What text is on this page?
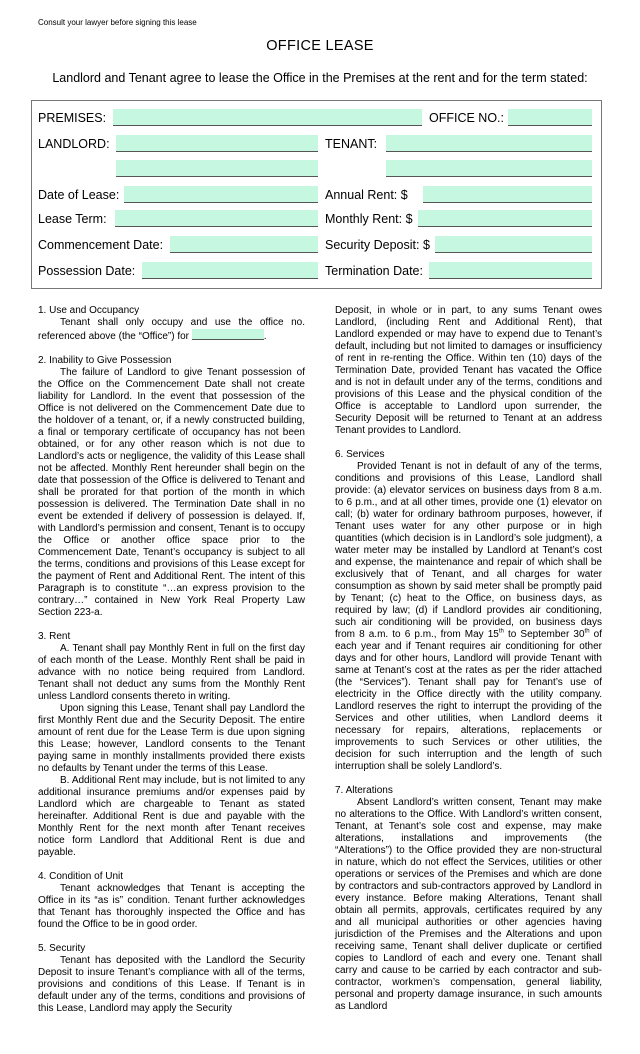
Consult your lawyer before signing this lease
OFFICE LEASE
Landlord and Tenant agree to lease the Office in the Premises at the rent and for the term stated:
PREMISES:	OFFICE NO.:
LANDLORD:	TENANT:
Date of Lease:	Annual Rent: $
Lease Term:	Monthly Rent: $
Commencement Date:	Security Deposit: $
Possession Date:	Termination Date:

1. Use and Occupancy

Tenant shall only occupy and use the office no. referenced above (the “Office”) for	.

2. Inability to Give Possession

The failure of Landlord to give Tenant possession of the Office on the Commencement Date shall not create liability for Landlord. In the event that possession of the Office is not delivered on the Commencement Date due to the holdover of a tenant, or, if a newly constructed building, a final or temporary certificate of occupancy has not been obtained, or for any other reason which is not due to Landlord’s acts or negligence, the validity of this Lease shall not be affected. Monthly Rent hereunder shall begin on the date that possession of the Office is delivered to Tenant and shall be prorated for that portion of the month in which possession is delivered. The Termination Date shall in no event be extended if delivery of possession is delayed. If, with Landlord’s permission and consent, Tenant is to occupy the Office or another office space prior to the Commencement Date, Tenant’s occupancy is subject to all the terms, conditions and provisions of this Lease except for the payment of Rent and Additional Rent. The intent of this Paragraph is to constitute “…an express provision to the contrary…” contained in New York Real Property Law Section 223-a.

3. Rent

A. Tenant shall pay Monthly Rent in full on the first day of each month of the Lease. Monthly Rent shall be paid in advance with no notice being required from Landlord. Tenant shall not deduct any sums from the Monthly Rent unless Landlord consents thereto in writing.

Upon signing this Lease, Tenant shall pay Landlord the first Monthly Rent due and the Security Deposit. The entire amount of rent due for the Lease Term is due upon signing this Lease; however, Landlord consents to the Tenant paying same in monthly installments provided there exists no defaults by Tenant under the terms of this Lease.

B. Additional Rent may include, but is not limited to any additional insurance premiums and/or expenses paid by Landlord which are chargeable to Tenant as stated hereinafter. Additional Rent is due and payable with the Monthly Rent for the next month after Tenant receives notice form Landlord that Additional Rent is due and payable.

4. Condition of Unit

Tenant acknowledges that Tenant is accepting the Office in its “as is” condition. Tenant further acknowledges that Tenant has thoroughly inspected the Office and has found the Office to be in good order.

5. Security

Tenant has deposited with the Landlord the Security Deposit to insure Tenant’s compliance with all of the terms, provisions and conditions of this Lease. If Tenant is in default under any of the terms, conditions and provisions of this Lease, Landlord may apply the Security

Deposit, in whole or in part, to any sums Tenant owes Landlord, (including Rent and Additional Rent), that Landlord expended or may have to expend due to Tenant’s default, including but not limited to damages or insufficiency of rent in re-renting the Office. Within ten (10) days of the Termination Date, provided Tenant has vacated the Office and is not in default under any of the terms, conditions and provisions of this Lease and the physical condition of the Office is acceptable to Landlord upon surrender, the Security Deposit will be returned to Tenant at an address Tenant provides to Landlord.

6. Services

Provided Tenant is not in default of any of the terms, conditions and provisions of this Lease, Landlord shall provide: (a) elevator services on business days from 8 a.m. to 6 p.m., and at all other times, provide one (1) elevator on call; (b) water for ordinary bathroom purposes, however, if Tenant uses water for any other purpose or in high quantities (which decision is in Landlord’s sole judgment), a water meter may be installed by Landlord at Tenant’s cost and expense, the maintenance and repair of which shall be exclusively that of Tenant, and all charges for water consumption as shown by said meter shall be promptly paid by Tenant; (c) heat to the Office, on business days, as required by law; (d) if Landlord provides air conditioning, such air conditioning will be provided, on business days from 8 a.m. to 6 p.m., from May 15th to September 30th of each year and if Tenant requires air conditioning for other days and for other hours, Landlord will provide Tenant with same at Tenant’s cost at the rates as per the rider attached (the “Services”). Tenant shall pay for Tenant’s use of electricity in the Office directly with the utility company. Landlord reserves the right to interrupt the providing of the Services and other utilities, when Landlord deems it necessary for repairs, alterations, replacements or improvements to such Services or other utilities, the decision for such interruption and the length of such interruption shall be solely Landlord’s.

7. Alterations

Absent Landlord’s written consent, Tenant may make no alterations to the Office. With Landlord’s written consent, Tenant, at Tenant’s sole cost and expense, may make alterations, installations and improvements (the “Alterations”) to the Office provided they are non-structural in nature, which do not effect the Services, utilities or other operations or services of the Premises and which are done by contractors and sub-contractors approved by Landlord in every instance. Before making Alterations, Tenant shall obtain all permits, approvals, certificates required by any and all municipal authorities or other agencies having jurisdiction of the Premises and the Alterations and upon receiving same, Tenant shall deliver duplicate or certified copies to Landlord of each and every one. Tenant shall carry and cause to be carried by each contractor and sub-contractor, workmen’s compensation, general liability, personal and property damage insurance, in such amounts as Landlord
